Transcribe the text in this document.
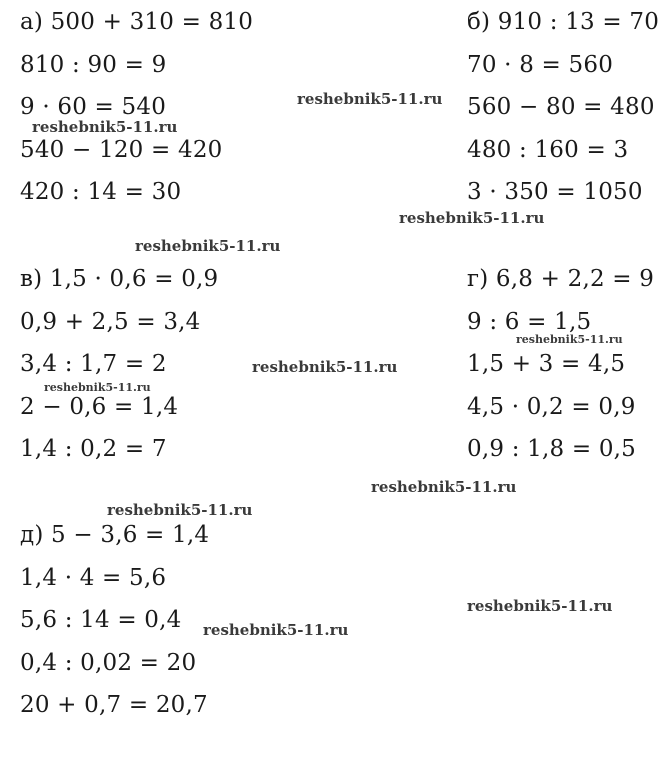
а) 500 + 310 = 810
810 : 90 = 9
9 · 60 = 540
540 − 120 = 420
420 : 14 = 30
б) 910 : 13 = 70
70 · 8 = 560
560 − 80 = 480
480 : 160 = 3
3 · 350 = 1050
в) 1,5 · 0,6 = 0,9
0,9 + 2,5 = 3,4
3,4 : 1,7 = 2
2 − 0,6 = 1,4
1,4 : 0,2 = 7
г) 6,8 + 2,2 = 9
9 : 6 = 1,5
1,5 + 3 = 4,5
4,5 · 0,2 = 0,9
0,9 : 1,8 = 0,5
д) 5 − 3,6 = 1,4
1,4 · 4 = 5,6
5,6 : 14 = 0,4
0,4 : 0,02 = 20
20 + 0,7 = 20,7
reshebnik5-11.ru
reshebnik5-11.ru
reshebnik5-11.ru
reshebnik5-11.ru
reshebnik5-11.ru
reshebnik5-11.ru
reshebnik5-11.ru
reshebnik5-11.ru
reshebnik5-11.ru
reshebnik5-11.ru
reshebnik5-11.ru
